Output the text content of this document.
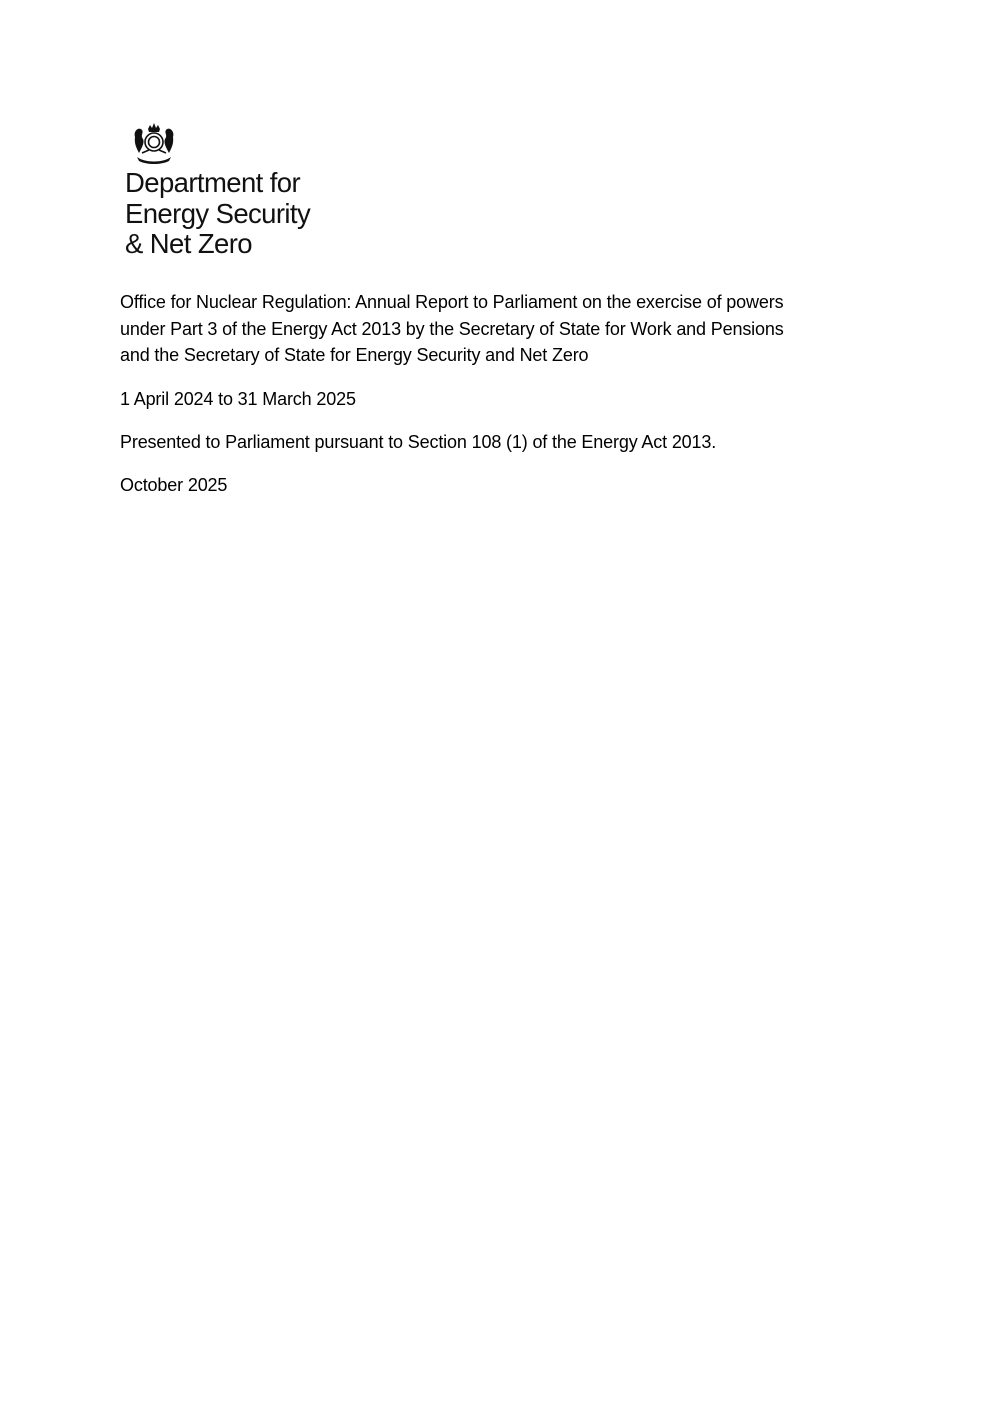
Department for
Energy Security
& Net Zero

Office for Nuclear Regulation: Annual Report to Parliament on the exercise of powers
under Part 3 of the Energy Act 2013 by the Secretary of State for Work and Pensions
and the Secretary of State for Energy Security and Net Zero

1 April 2024 to 31 March 2025

Presented to Parliament pursuant to Section 108 (1) of the Energy Act 2013.

October 2025
